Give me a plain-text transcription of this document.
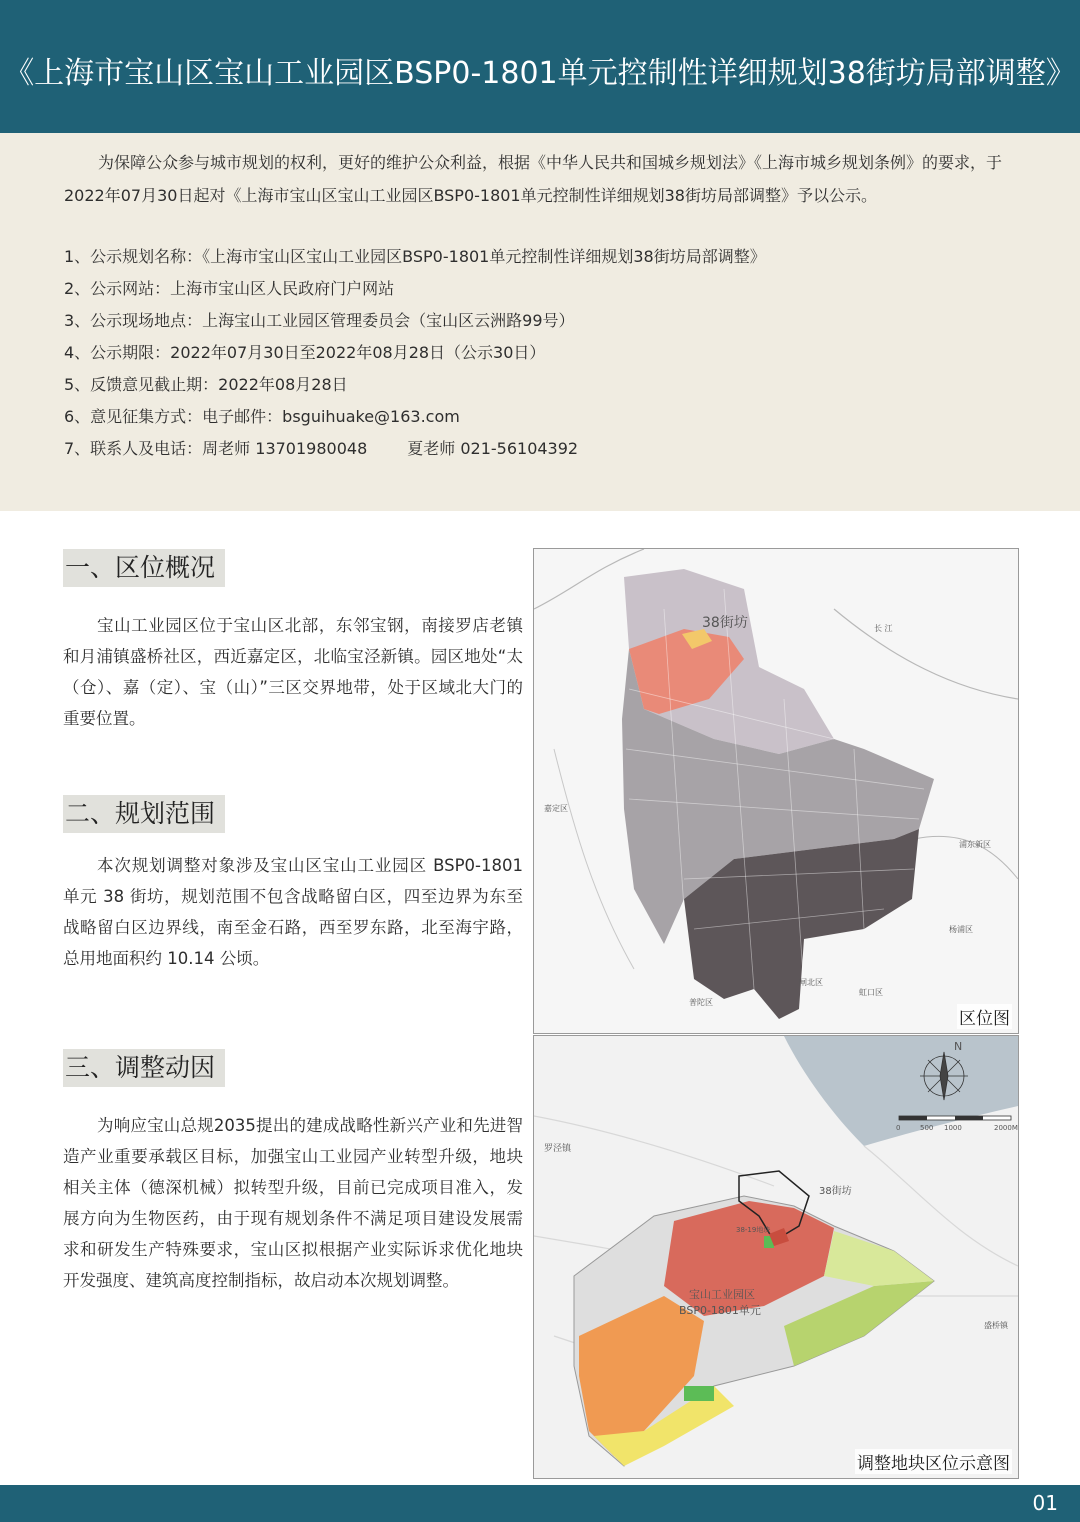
《上海市宝山区宝山工业园区BSP0-1801单元控制性详细规划38街坊局部调整》
为保障公众参与城市规划的权利，更好的维护公众利益，根据《中华人民共和国城乡规划法》《上海市城乡规划条例》的要求，于2022年07月30日起对《上海市宝山区宝山工业园区BSP0-1801单元控制性详细规划38街坊局部调整》予以公示。
1、公示规划名称：《上海市宝山区宝山工业园区BSP0-1801单元控制性详细规划38街坊局部调整》
2、公示网站：上海市宝山区人民政府门户网站
3、公示现场地点：上海宝山工业园区管理委员会（宝山区云洲路99号）
4、公示期限：2022年07月30日至2022年08月28日（公示30日）
5、反馈意见截止期：2022年08月28日
6、意见征集方式：电子邮件：bsguihuake@163.com
7、联系人及电话：周老师 13701980048	夏老师 021-56104392
一、区位概况
宝山工业园区位于宝山区北部，东邻宝钢，南接罗店老镇和月浦镇盛桥社区，西近嘉定区，北临宝泾新镇。园区地处“太（仓）、嘉（定）、宝（山）”三区交界地带，处于区域北大门的重要位置。
二、规划范围
本次规划调整对象涉及宝山区宝山工业园区 BSP0-1801 单元 38 街坊，规划范围不包含战略留白区，四至边界为东至战略留白区边界线，南至金石路，西至罗东路，北至海宇路，总用地面积约 10.14 公顷。
三、调整动因
为响应宝山总规2035提出的建成战略性新兴产业和先进智造产业重要承载区目标，加强宝山工业园产业转型升级，地块相关主体（德深机械）拟转型升级，目前已完成项目准入，发展方向为生物医药，由于现有规划条件不满足项目建设发展需求和研发生产特殊要求，宝山区拟根据产业实际诉求优化地块开发强度、建筑高度控制指标，故启动本次规划调整。
38街坊	长 江
嘉定区
浦东新区
杨浦区
闸北区
虹口区
普陀区
区位图
N
0	500 1000	2000M
38街坊
38-19地块
宝山工业园区
BSP0-1801单元
罗泾镇
盛桥镇
调整地块区位示意图
01
